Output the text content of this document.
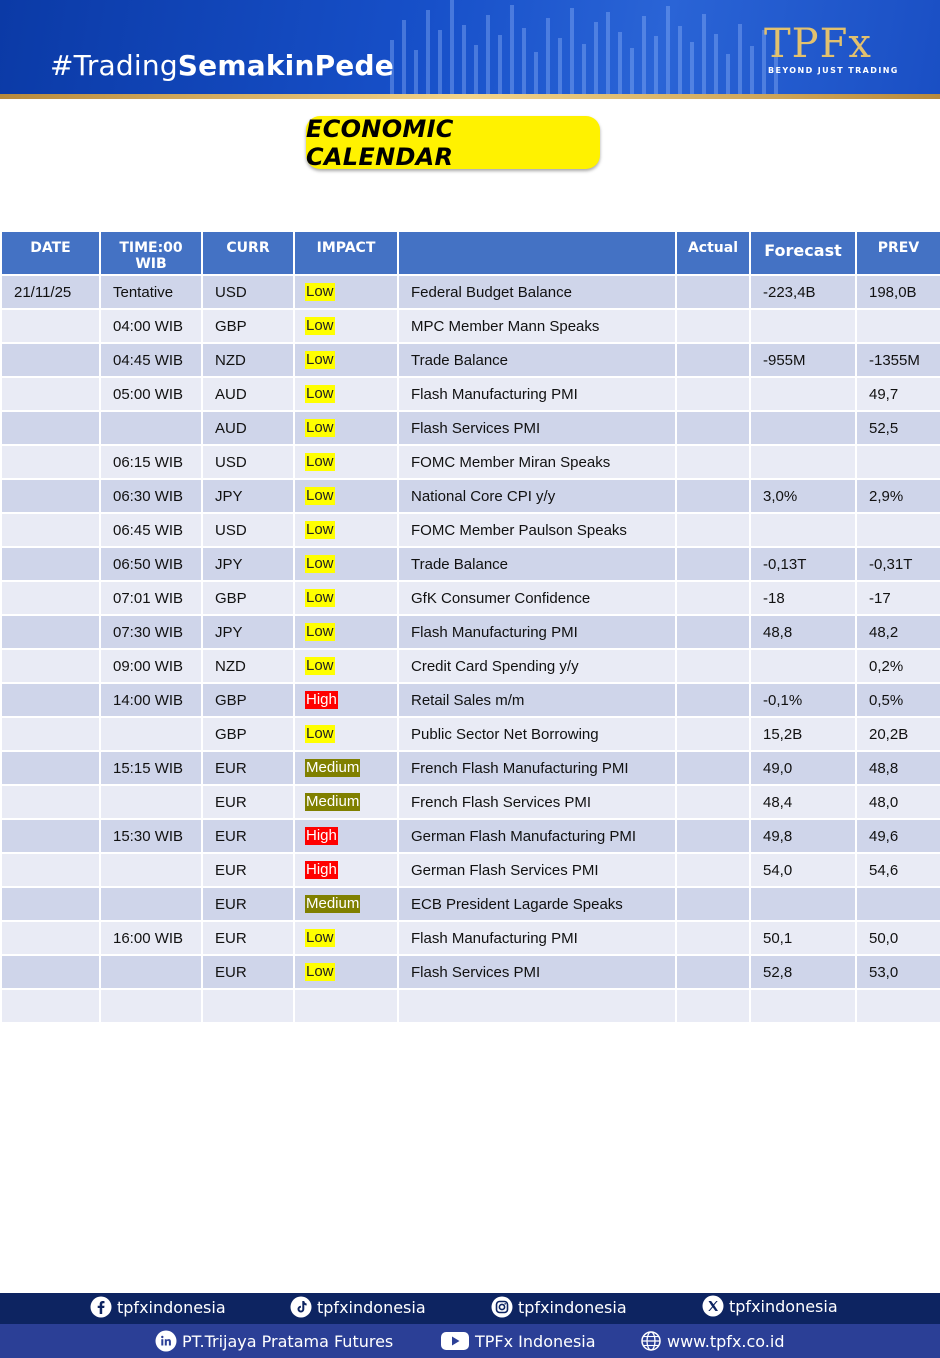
#TradingSemakinPede	TPFx
BEYOND JUST TRADING
ECONOMIC CALENDAR
DATE	TIME:00 WIB	CURR	IMPACT		Actual	Forecast	PREV
21/11/25	Tentative	USD	Low	Federal Budget Balance		-223,4B	198,0B
	04:00 WIB	GBP	Low	MPC Member Mann Speaks			
	04:45 WIB	NZD	Low	Trade Balance		-955M	-1355M
	05:00 WIB	AUD	Low	Flash Manufacturing PMI			49,7
		AUD	Low	Flash Services PMI			52,5
	06:15 WIB	USD	Low	FOMC Member Miran Speaks			
	06:30 WIB	JPY	Low	National Core CPI y/y		3,0%	2,9%
	06:45 WIB	USD	Low	FOMC Member Paulson Speaks			
	06:50 WIB	JPY	Low	Trade Balance		-0,13T	-0,31T
	07:01 WIB	GBP	Low	GfK Consumer Confidence		-18	-17
	07:30 WIB	JPY	Low	Flash Manufacturing PMI		48,8	48,2
	09:00 WIB	NZD	Low	Credit Card Spending y/y			0,2%
	14:00 WIB	GBP	High	Retail Sales m/m		-0,1%	0,5%
		GBP	Low	Public Sector Net Borrowing		15,2B	20,2B
	15:15 WIB	EUR	Medium	French Flash Manufacturing PMI		49,0	48,8
		EUR	Medium	French Flash Services PMI		48,4	48,0
	15:30 WIB	EUR	High	German Flash Manufacturing PMI		49,8	49,6
		EUR	High	German Flash Services PMI		54,0	54,6
		EUR	Medium	ECB President Lagarde Speaks			
	16:00 WIB	EUR	Low	Flash Manufacturing PMI		50,1	50,0
		EUR	Low	Flash Services PMI		52,8	53,0

tpfxindonesia	tpfxindonesia	tpfxindonesia	tpfxindonesia
PT.Trijaya Pratama Futures	TPFx Indonesia	www.tpfx.co.id
